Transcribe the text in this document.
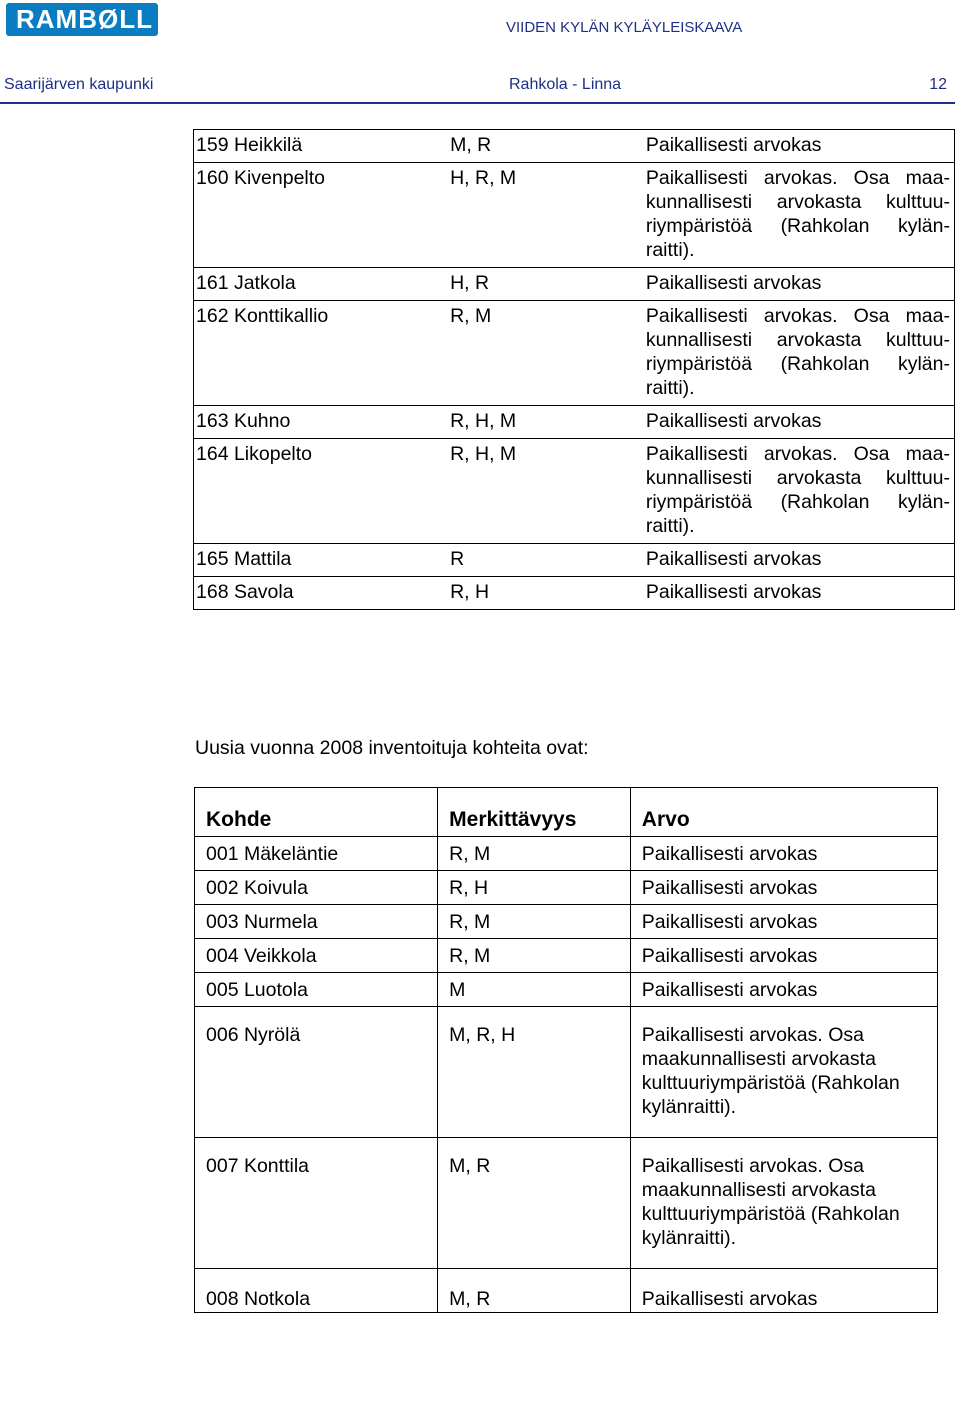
RAMBØLL	VIIDEN KYLÄN KYLÄYLEISKAAVA
Saarijärven kaupunki	Rahkola - Linna	12
159 Heikkilä	M, R	Paikallisesti arvokas

160 Kivenpelto	H, R, M	Paikallisesti arvokas. Osa maa-kunnallisesti arvokasta kulttuu-riympäristöä (Rahkolan kylän-raitti).

161 Jatkola	H, R	Paikallisesti arvokas

162 Konttikallio	R, M	Paikallisesti arvokas. Osa maa-kunnallisesti arvokasta kulttuu-riympäristöä (Rahkolan kylän-raitti).

163 Kuhno	R, H, M	Paikallisesti arvokas

164 Likopelto	R, H, M	Paikallisesti arvokas. Osa maa-kunnallisesti arvokasta kulttuu-riympäristöä (Rahkolan kylän-raitti).

165 Mattila	R	Paikallisesti arvokas

168 Savola	R, H	Paikallisesti arvokas
Uusia vuonna 2008 inventoituja kohteita ovat:
Kohde	Merkittävyys	Arvo
001 Mäkeläntie	R, M	Paikallisesti arvokas
002 Koivula	R, H	Paikallisesti arvokas
003 Nurmela	R, M	Paikallisesti arvokas
004 Veikkola	R, M	Paikallisesti arvokas
005 Luotola	M	Paikallisesti arvokas
006 Nyrölä	M, R, H	Paikallisesti arvokas. Osa maakunnallisesti arvokasta kulttuuriympäristöä (Rahkolan kylänraitti).
007 Konttila	M, R	Paikallisesti arvokas. Osa maakunnallisesti arvokasta kulttuuriympäristöä (Rahkolan kylänraitti).
008 Notkola	M, R	Paikallisesti arvokas
